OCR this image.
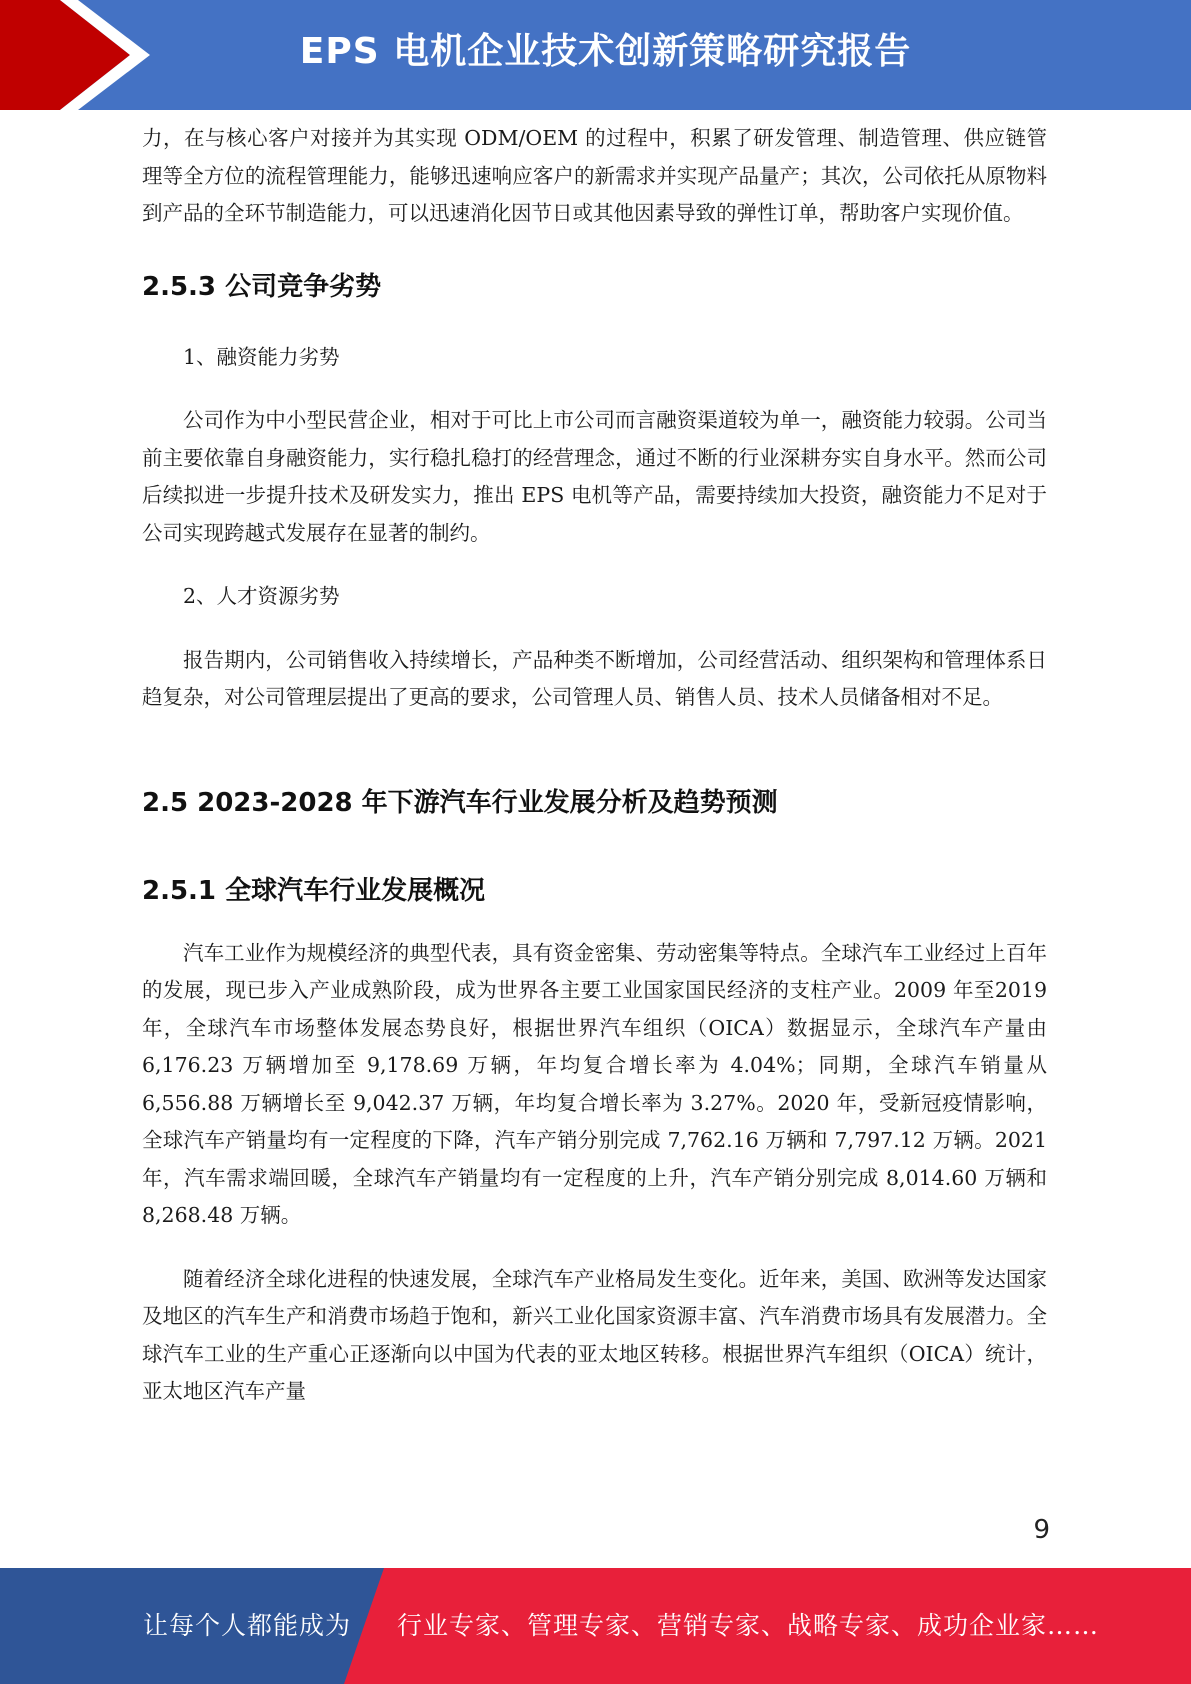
EPS 电机企业技术创新策略研究报告

力，在与核心客户对接并为其实现 ODM/OEM 的过程中，积累了研发管理、制造管理、供应链管理等全方位的流程管理能力，能够迅速响应客户的新需求并实现产品量产；其次，公司依托从原物料到产品的全环节制造能力，可以迅速消化因节日或其他因素导致的弹性订单，帮助客户实现价值。

2.5.3 公司竞争劣势

1、融资能力劣势

公司作为中小型民营企业，相对于可比上市公司而言融资渠道较为单一，融资能力较弱。公司当前主要依靠自身融资能力，实行稳扎稳打的经营理念，通过不断的行业深耕夯实自身水平。然而公司后续拟进一步提升技术及研发实力，推出 EPS 电机等产品，需要持续加大投资，融资能力不足对于公司实现跨越式发展存在显著的制约。

2、人才资源劣势

报告期内，公司销售收入持续增长，产品种类不断增加，公司经营活动、组织架构和管理体系日趋复杂，对公司管理层提出了更高的要求，公司管理人员、销售人员、技术人员储备相对不足。

2.5 2023-2028 年下游汽车行业发展分析及趋势预测
2.5.1 全球汽车行业发展概况

汽车工业作为规模经济的典型代表，具有资金密集、劳动密集等特点。全球汽车工业经过上百年的发展，现已步入产业成熟阶段，成为世界各主要工业国家国民经济的支柱产业。2009 年至2019 年，全球汽车市场整体发展态势良好，根据世界汽车组织（OICA）数据显示，全球汽车产量由 6,176.23 万辆增加至 9,178.69 万辆，年均复合增长率为 4.04%；同期，全球汽车销量从6,556.88 万辆增长至 9,042.37 万辆，年均复合增长率为 3.27%。2020 年，受新冠疫情影响，全球汽车产销量均有一定程度的下降，汽车产销分别完成 7,762.16 万辆和 7,797.12 万辆。2021 年，汽车需求端回暖，全球汽车产销量均有一定程度的上升，汽车产销分别完成 8,014.60 万辆和8,268.48 万辆。

随着经济全球化进程的快速发展，全球汽车产业格局发生变化。近年来，美国、欧洲等发达国家及地区的汽车生产和消费市场趋于饱和，新兴工业化国家资源丰富、汽车消费市场具有发展潜力。全球汽车工业的生产重心正逐渐向以中国为代表的亚太地区转移。根据世界汽车组织（OICA）统计，亚太地区汽车产量

9
让每个人都能成为 行业专家、管理专家、营销专家、战略专家、成功企业家……
